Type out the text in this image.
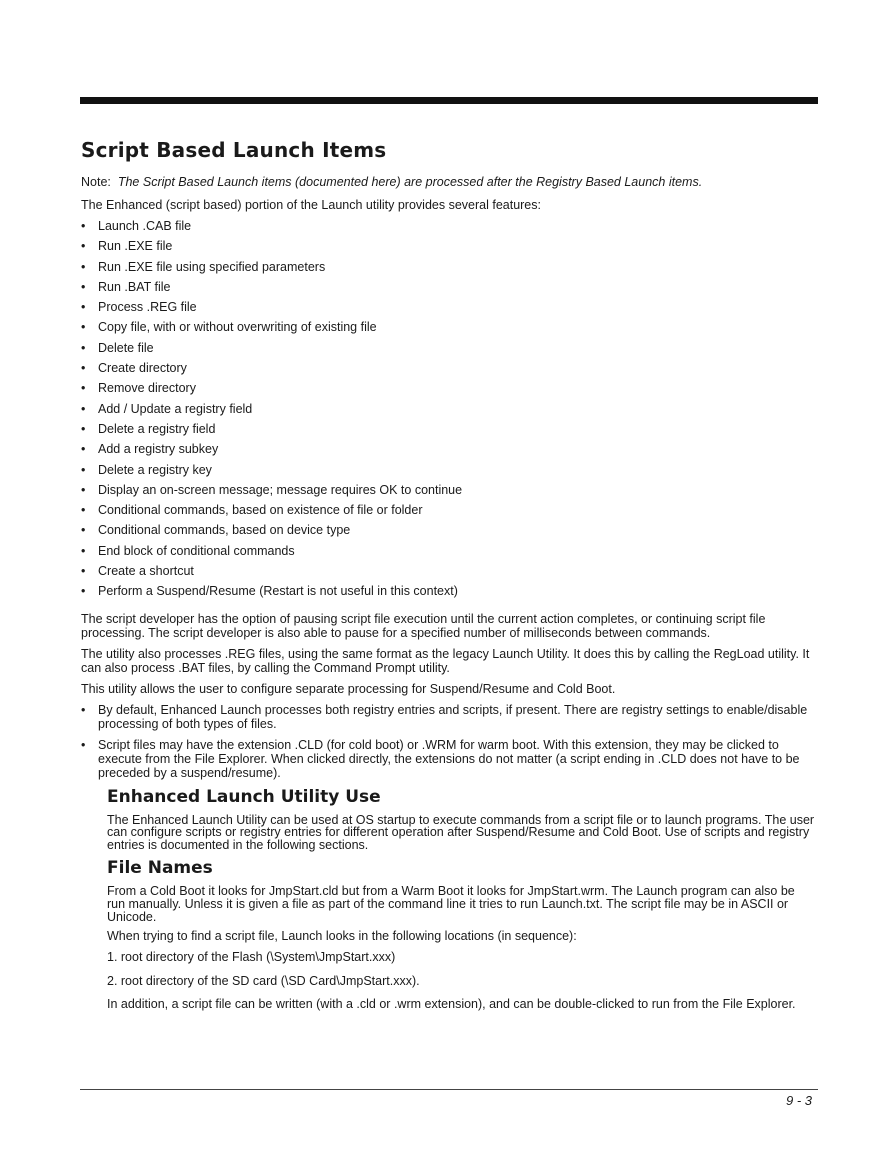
Script Based Launch Items

Note: The Script Based Launch items (documented here) are processed after the Registry Based Launch items.

The Enhanced (script based) portion of the Launch utility provides several features:

• Launch .CAB file
• Run .EXE file
• Run .EXE file using specified parameters
• Run .BAT file
• Process .REG file
• Copy file, with or without overwriting of existing file
• Delete file
• Create directory
• Remove directory
• Add / Update a registry field
• Delete a registry field
• Add a registry subkey
• Delete a registry key
• Display an on-screen message; message requires OK to continue
• Conditional commands, based on existence of file or folder
• Conditional commands, based on device type
• End block of conditional commands
• Create a shortcut
• Perform a Suspend/Resume (Restart is not useful in this context)

The script developer has the option of pausing script file execution until the current action completes, or continuing script file processing. The script developer is also able to pause for a specified number of milliseconds between commands.

The utility also processes .REG files, using the same format as the legacy Launch Utility. It does this by calling the RegLoad utility. It can also process .BAT files, by calling the Command Prompt utility.

This utility allows the user to configure separate processing for Suspend/Resume and Cold Boot.

• By default, Enhanced Launch processes both registry entries and scripts, if present. There are registry settings to enable/disable processing of both types of files.
• Script files may have the extension .CLD (for cold boot) or .WRM for warm boot. With this extension, they may be clicked to execute from the File Explorer. When clicked directly, the extensions do not matter (a script ending in .CLD does not have to be preceded by a suspend/resume).
Enhanced Launch Utility Use

The Enhanced Launch Utility can be used at OS startup to execute commands from a script file or to launch programs. The user can configure scripts or registry entries for different operation after Suspend/Resume and Cold Boot. Use of scripts and registry entries is documented in the following sections.

File Names

From a Cold Boot it looks for JmpStart.cld but from a Warm Boot it looks for JmpStart.wrm. The Launch program can also be run manually. Unless it is given a file as part of the command line it tries to run Launch.txt. The script file may be in ASCII or Unicode.

When trying to find a script file, Launch looks in the following locations (in sequence):

1. root directory of the Flash (\System\JmpStart.xxx)
2. root directory of the SD card (\SD Card\JmpStart.xxx).

In addition, a script file can be written (with a .cld or .wrm extension), and can be double-clicked to run from the File Explorer.

9 - 3
